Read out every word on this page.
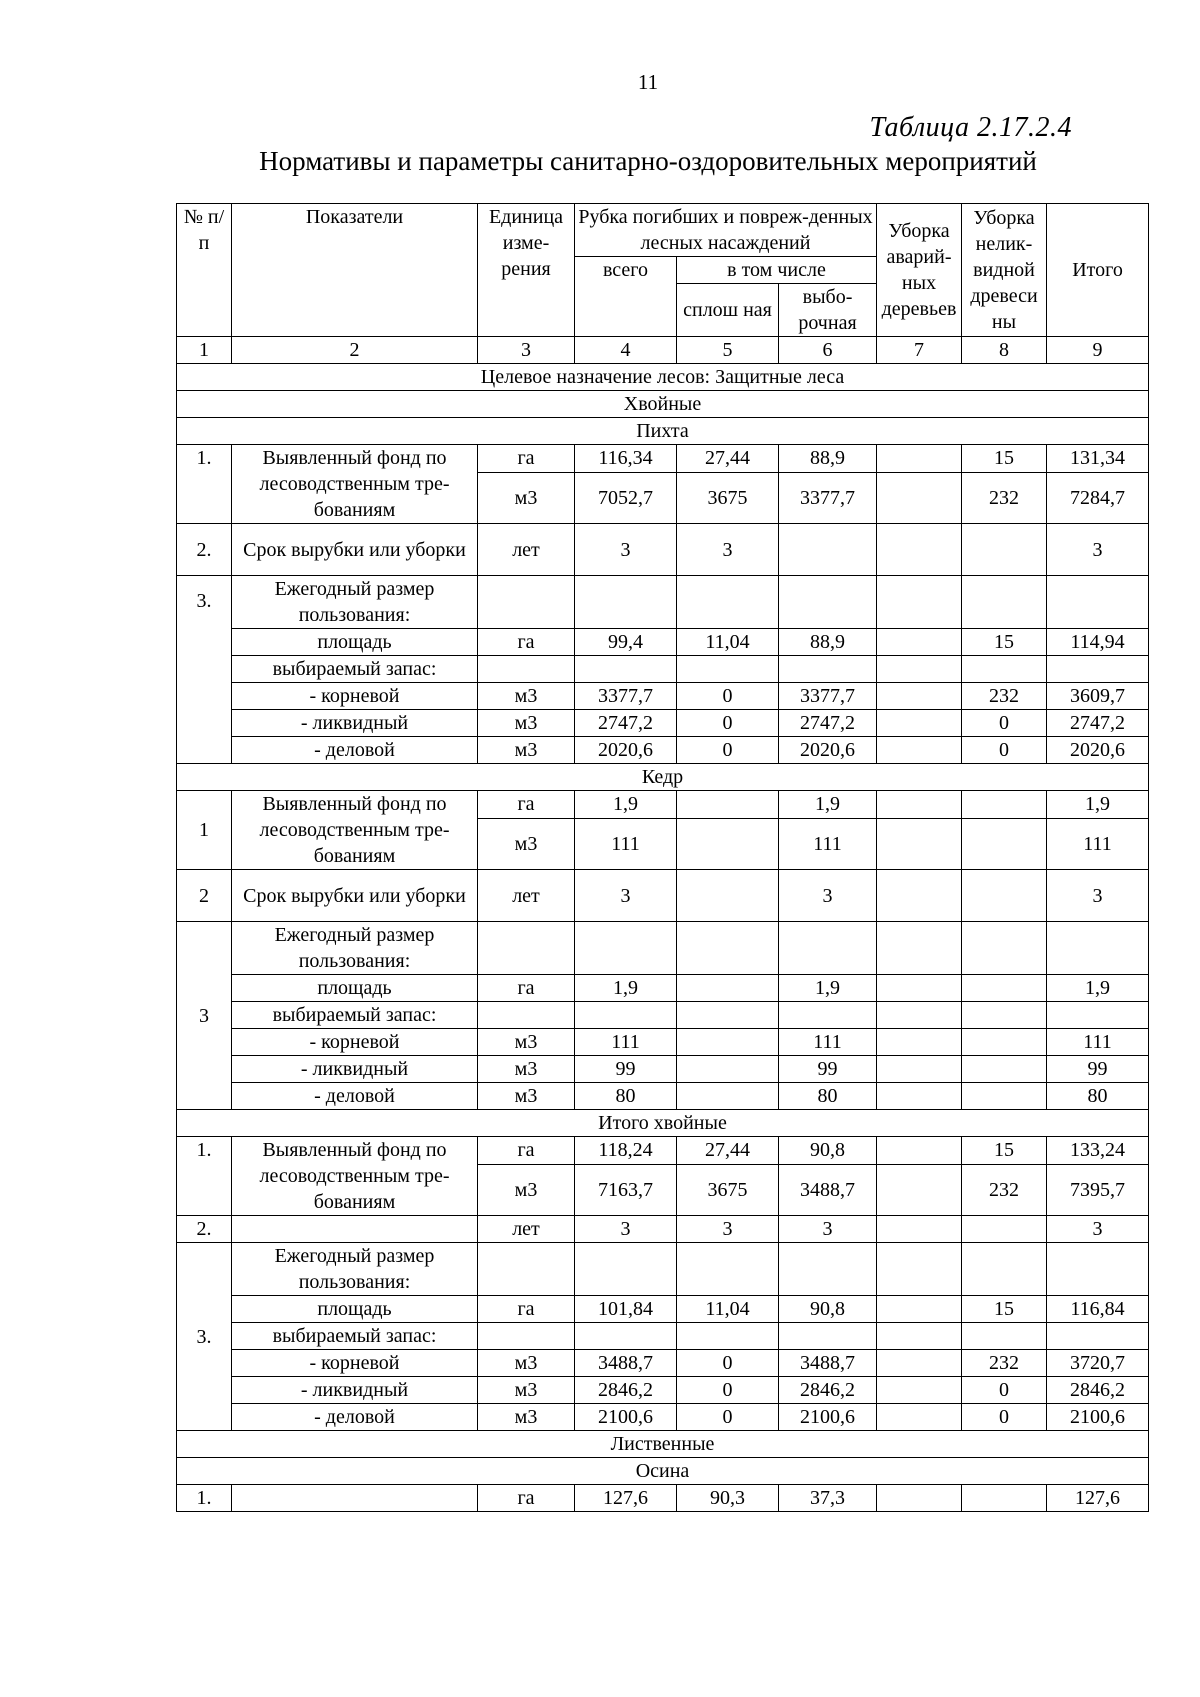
11
Таблица 2.17.2.4
Нормативы и параметры санитарно-оздоровительных мероприятий
№ п/п	Показатели	Единица изме-рения	Рубка погибших и повреж-денных лесных насаждений			Уборка аварий-ных деревьев	Уборка нелик-видной древеси ны	Итого
			всего	в том числе				
				сплош ная	выбо-рочная			

1	2	3	4	5	6	7	8	9
Целевое назначение лесов: Защитные леса								
Хвойные								
Пихта								
1.	Выявленный фонд по лесоводственным тре-бованиям	га	116,34	27,44	88,9		15	131,34
		м3	7052,7	3675	3377,7		232	7284,7
2.	Срок вырубки или уборки	лет	3	3				3
3.	Ежегодный размер пользования:							
	площадь	га	99,4	11,04	88,9		15	114,94
	выбираемый запас:							
	- корневой	м3	3377,7	0	3377,7		232	3609,7
	- ликвидный	м3	2747,2	0	2747,2		0	2747,2
	- деловой	м3	2020,6	0	2020,6		0	2020,6
Кедр								
1	Выявленный фонд по лесоводственным тре-бованиям	га	1,9		1,9			1,9
		м3	111		111			111
2	Срок вырубки или уборки	лет	3		3			3
3	Ежегодный размер пользования:							
	площадь	га	1,9		1,9			1,9
	выбираемый запас:							
	- корневой	м3	111		111			111
	- ликвидный	м3	99		99			99
	- деловой	м3	80		80			80
Итого хвойные								
1.	Выявленный фонд по лесоводственным тре-бованиям	га	118,24	27,44	90,8		15	133,24
		м3	7163,7	3675	3488,7		232	7395,7
2.		лет	3	3	3			3
3.	Ежегодный размер пользования:							
	площадь	га	101,84	11,04	90,8		15	116,84
	выбираемый запас:							
	- корневой	м3	3488,7	0	3488,7		232	3720,7
	- ликвидный	м3	2846,2	0	2846,2		0	2846,2
	- деловой	м3	2100,6	0	2100,6		0	2100,6
Лиственные								
Осина								
1.		га	127,6	90,3	37,3			127,6
